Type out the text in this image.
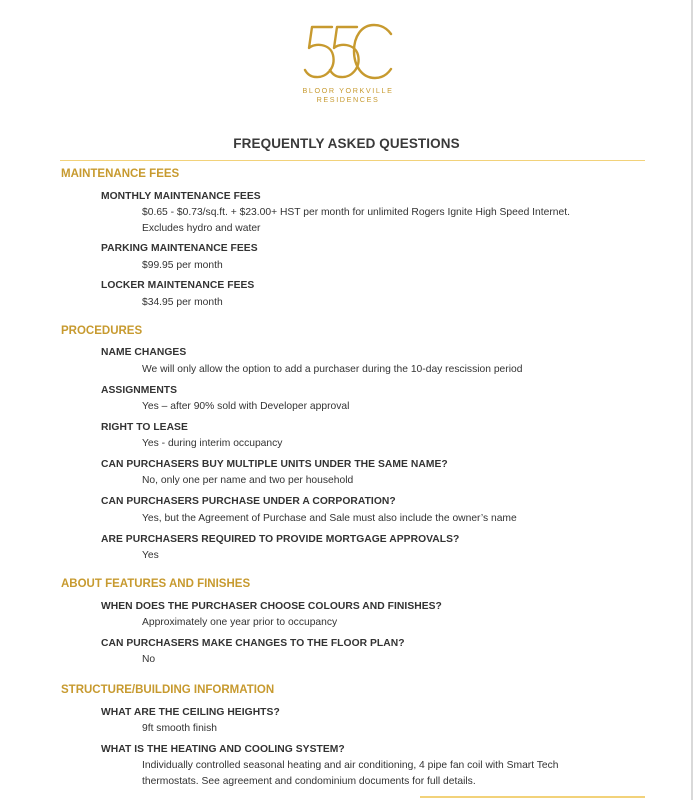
BLOOR YORKVILLE
RESIDENCES
FREQUENTLY ASKED QUESTIONS
MAINTENANCE FEES
MONTHLY MAINTENANCE FEES
$0.65 - $0.73/sq.ft. + $23.00+ HST per month for unlimited Rogers Ignite High Speed Internet.
Excludes hydro and water
PARKING MAINTENANCE FEES
$99.95 per month
LOCKER MAINTENANCE FEES
$34.95 per month
PROCEDURES
NAME CHANGES
We will only allow the option to add a purchaser during the 10-day rescission period
ASSIGNMENTS
Yes – after 90% sold with Developer approval
RIGHT TO LEASE
Yes - during interim occupancy
CAN PURCHASERS BUY MULTIPLE UNITS UNDER THE SAME NAME?
No, only one per name and two per household
CAN PURCHASERS PURCHASE UNDER A CORPORATION?
Yes, but the Agreement of Purchase and Sale must also include the owner’s name
ARE PURCHASERS REQUIRED TO PROVIDE MORTGAGE APPROVALS?
Yes
ABOUT FEATURES AND FINISHES
WHEN DOES THE PURCHASER CHOOSE COLOURS AND FINISHES?
Approximately one year prior to occupancy
CAN PURCHASERS MAKE CHANGES TO THE FLOOR PLAN?
No
STRUCTURE/BUILDING INFORMATION
WHAT ARE THE CEILING HEIGHTS?
9ft smooth finish
WHAT IS THE HEATING AND COOLING SYSTEM?
Individually controlled seasonal heating and air conditioning, 4 pipe fan coil with Smart Tech
thermostats. See agreement and condominium documents for full details.
